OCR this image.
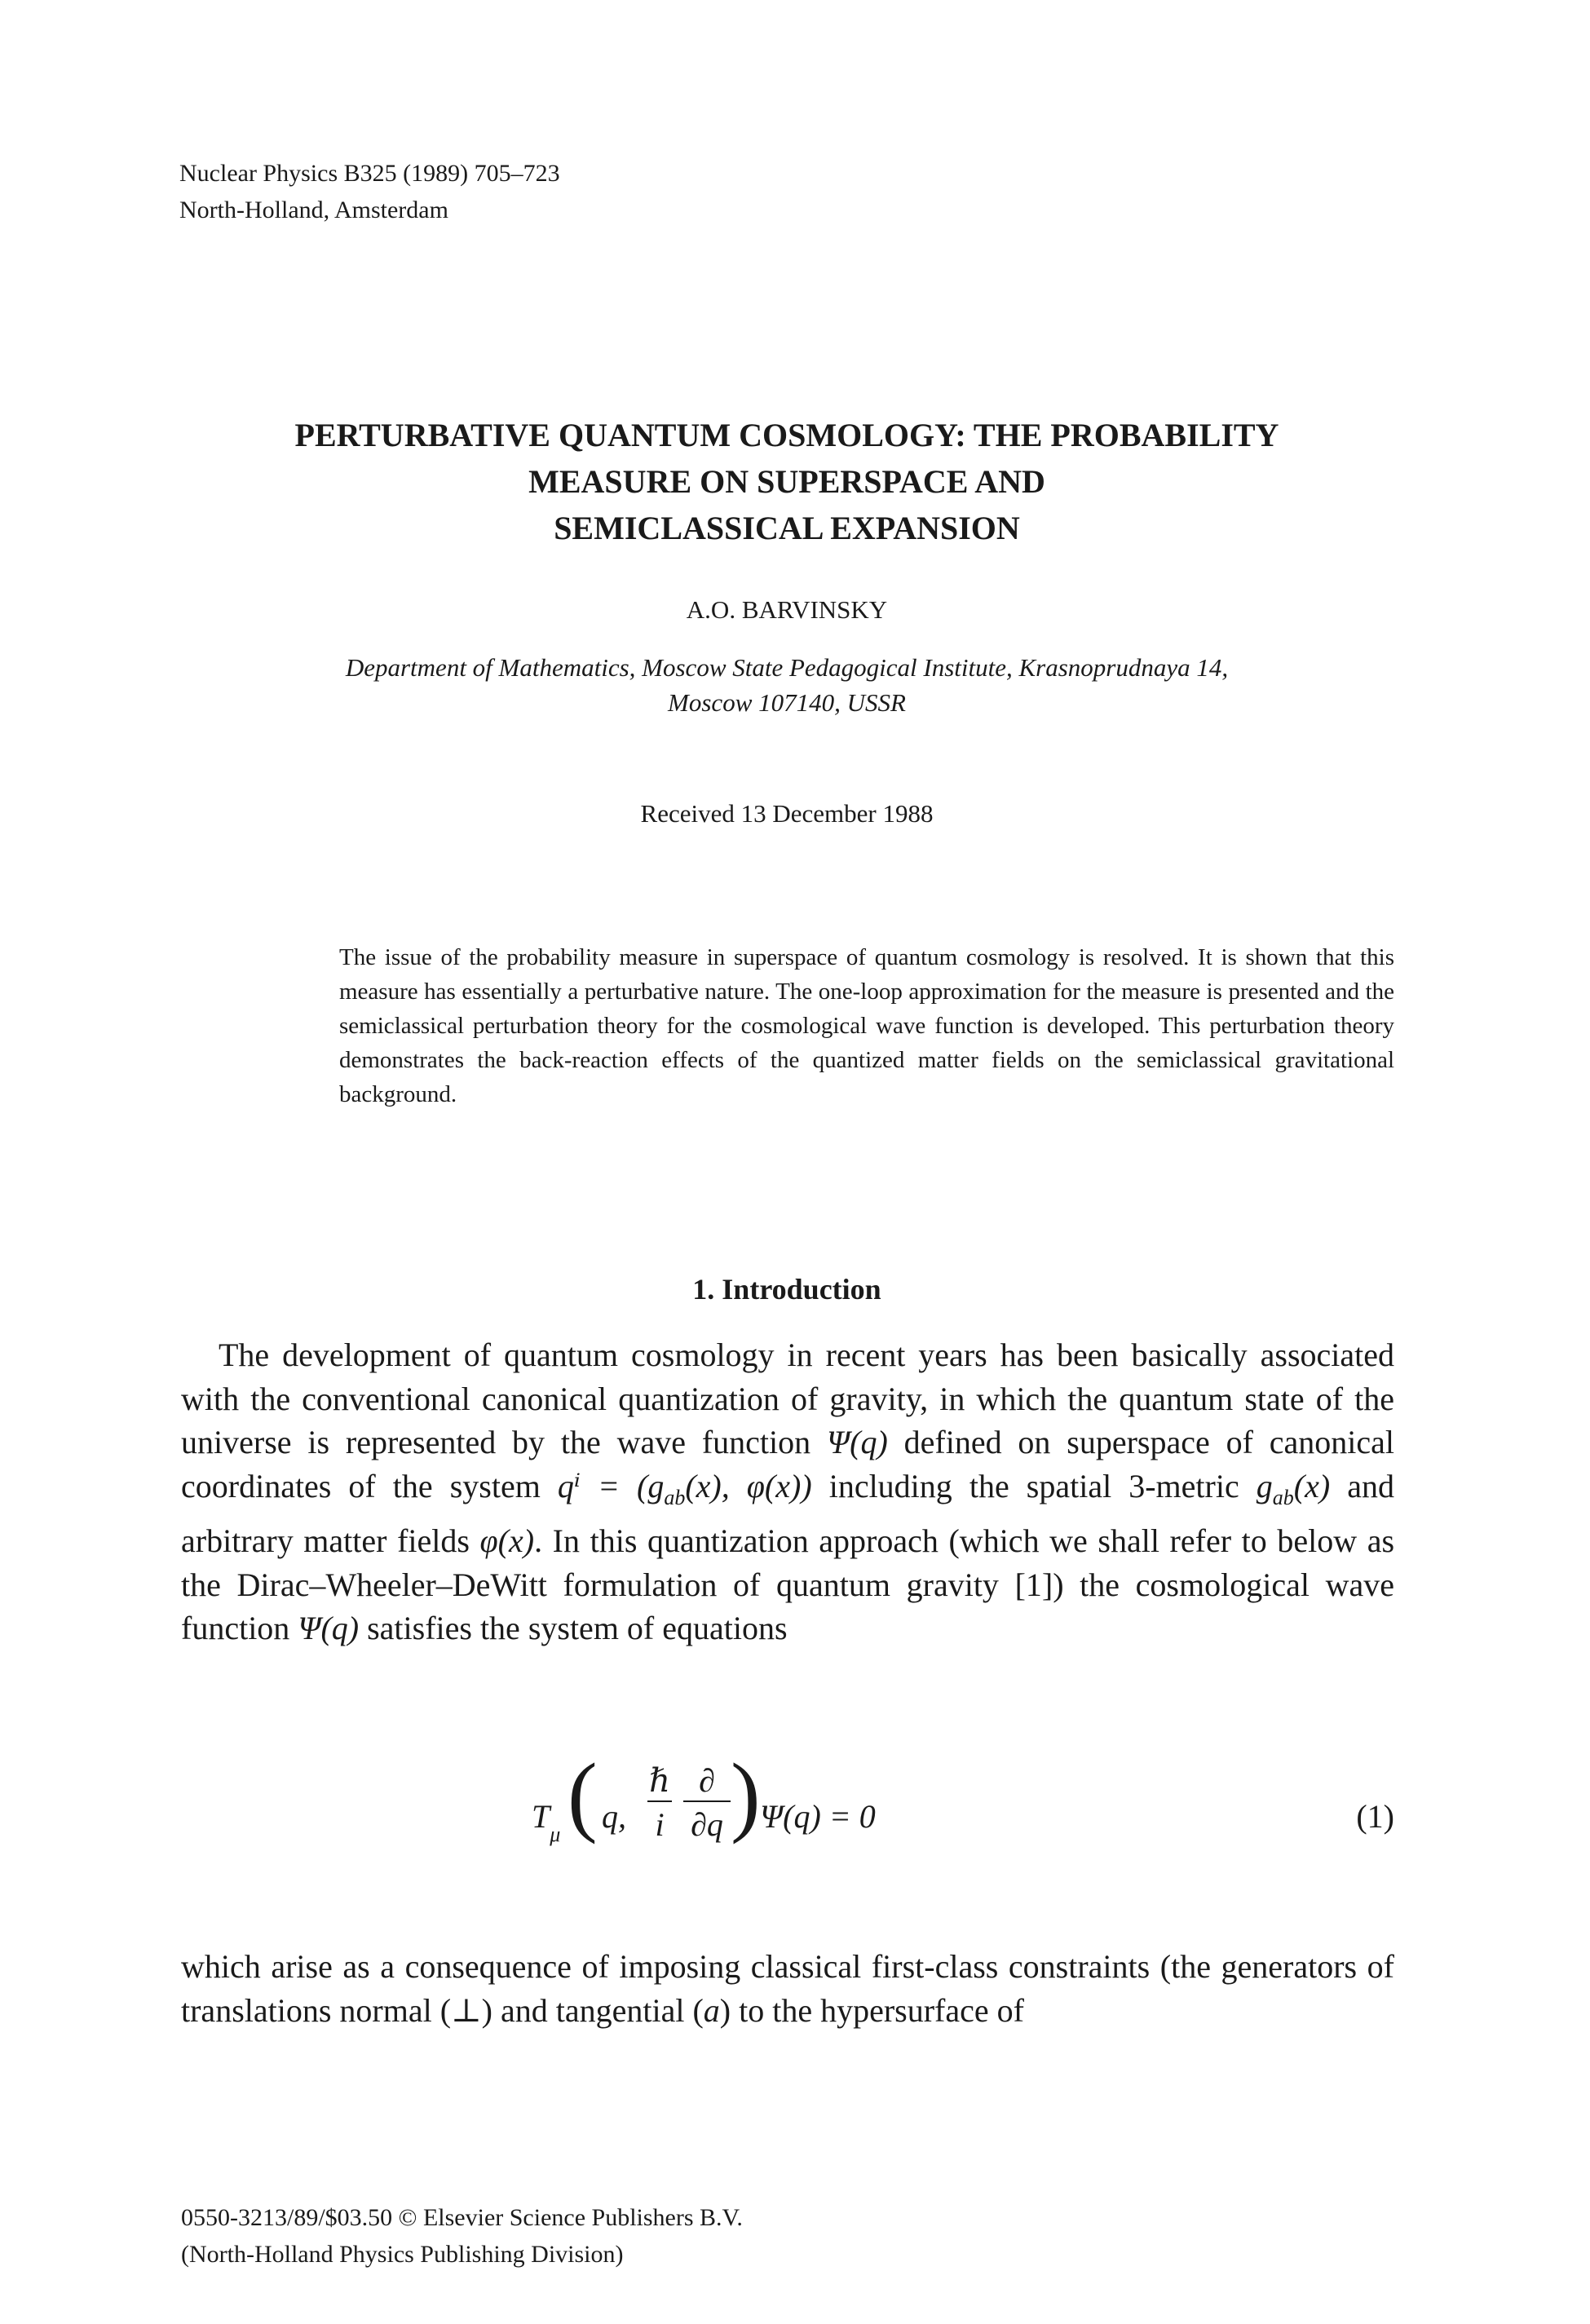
Nuclear Physics B325 (1989) 705–723
North-Holland, Amsterdam
PERTURBATIVE QUANTUM COSMOLOGY: THE PROBABILITY
MEASURE ON SUPERSPACE AND
SEMICLASSICAL EXPANSION
A.O. BARVINSKY
Department of Mathematics, Moscow State Pedagogical Institute, Krasnoprudnaya 14,
Moscow 107140, USSR
Received 13 December 1988
The issue of the probability measure in superspace of quantum cosmology is resolved. It is shown that this measure has essentially a perturbative nature. The one-loop approximation for the measure is presented and the semiclassical perturbation theory for the cosmological wave function is developed. This perturbation theory demonstrates the back-reaction effects of the quantized matter fields on the semiclassical gravitational background.
1. Introduction
The development of quantum cosmology in recent years has been basically associated with the conventional canonical quantization of gravity, in which the quantum state of the universe is represented by the wave function Ψ(q) defined on superspace of canonical coordinates of the system $q^i = (g_{ab}(x)$, φ(x)) including the spatial 3-metric $g_{ab}(x)$ and arbitrary matter fields φ(x). In this quantization approach (which we shall refer to below as the Dirac–Wheeler–DeWitt formulation of quantum gravity [1]) the cosmological wave function Ψ(q) satisfies the system of equations
$T_\mu$ ( q,
ℏ
i
∂
∂q ) Ψ(q) = 0	(1)
which arise as a consequence of imposing classical first-class constraints (the generators of translations normal (⊥) and tangential (a) to the hypersurface of
0550-3213/89/$03.50 © Elsevier Science Publishers B.V.
(North-Holland Physics Publishing Division)
